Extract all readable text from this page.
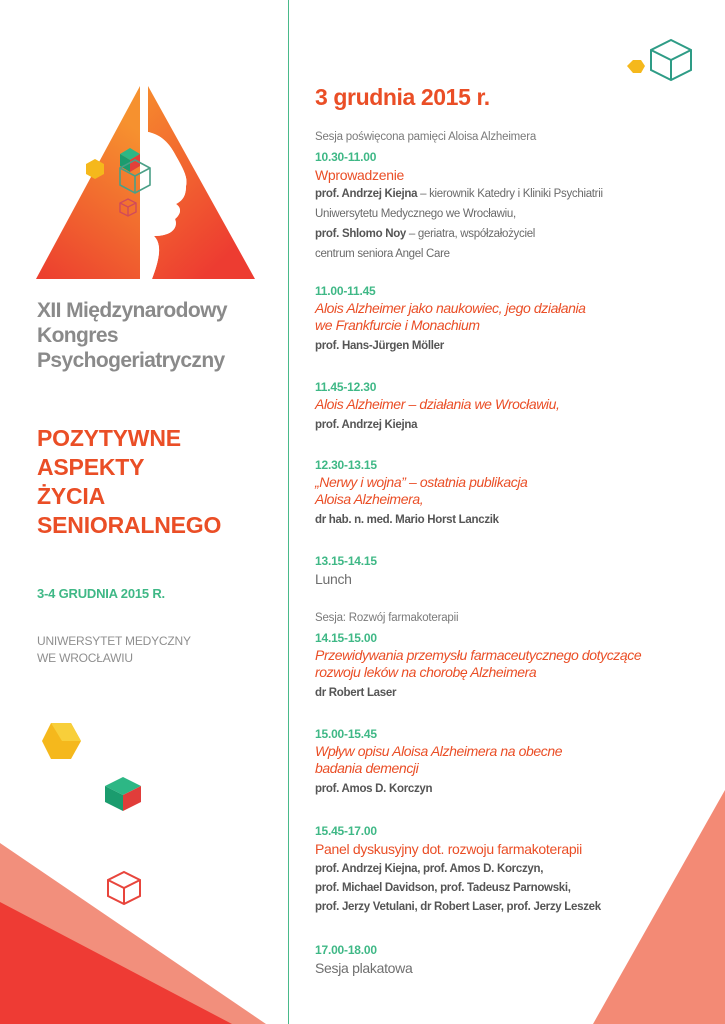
XII Międzynarodowy
Kongres
Psychogeriatryczny
POZYTYWNE
ASPEKTY
ŻYCIA
SENIORALNEGO
3-4 GRUDNIA 2015 R.
UNIWERSYTET MEDYCZNY
WE WROCŁAWIU
3 grudnia 2015 r.
Sesja poświęcona pamięci Aloisa Alzheimera
10.30-11.00
Wprowadzenie
prof. Andrzej Kiejna – kierownik Katedry i Kliniki Psychiatrii
Uniwersytetu Medycznego we Wrocławiu,
prof. Shlomo Noy – geriatra, współzałożyciel
centrum seniora Angel Care
11.00-11.45
Alois Alzheimer jako naukowiec, jego działania
we Frankfurcie i Monachium
prof. Hans-Jürgen Möller
11.45-12.30
Alois Alzheimer – działania we Wrocławiu,
prof. Andrzej Kiejna
12.30-13.15
„Nerwy i wojna” – ostatnia publikacja
Aloisa Alzheimera,
dr hab. n. med. Mario Horst Lanczik
13.15-14.15
Lunch
Sesja: Rozwój farmakoterapii
14.15-15.00
Przewidywania przemysłu farmaceutycznego dotyczące
rozwoju leków na chorobę Alzheimera
dr Robert Laser
15.00-15.45
Wpływ opisu Aloisa Alzheimera na obecne
badania demencji
prof. Amos D. Korczyn
15.45-17.00
Panel dyskusyjny dot. rozwoju farmakoterapii
prof. Andrzej Kiejna, prof. Amos D. Korczyn,
prof. Michael Davidson, prof. Tadeusz Parnowski,
prof. Jerzy Vetulani, dr Robert Laser, prof. Jerzy Leszek
17.00-18.00
Sesja plakatowa
